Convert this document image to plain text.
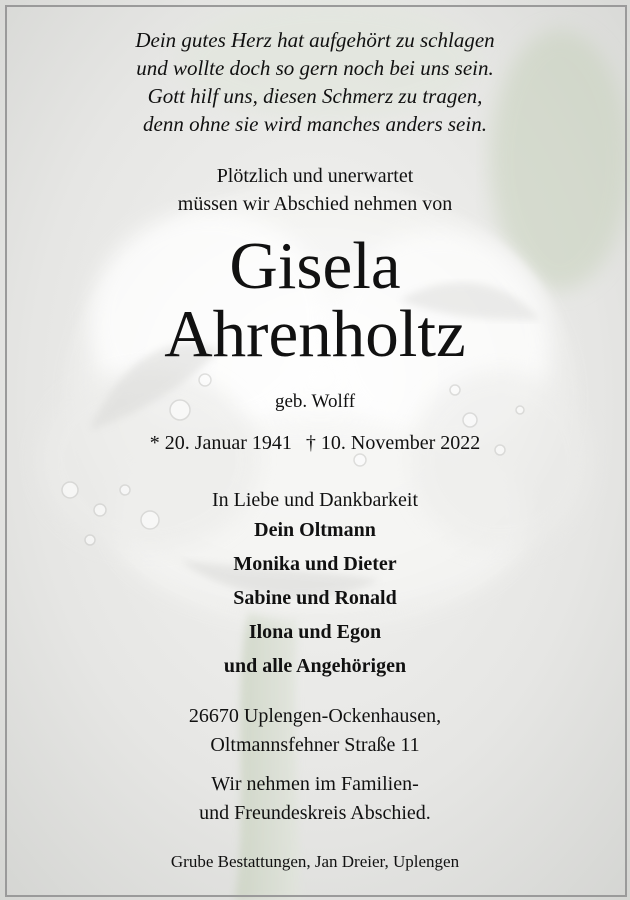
Dein gutes Herz hat aufgehört zu schlagen
und wollte doch so gern noch bei uns sein.
Gott hilf uns, diesen Schmerz zu tragen,
denn ohne sie wird manches anders sein.
Plötzlich und unerwartet
müssen wir Abschied nehmen von
Gisela
Ahrenholtz
geb. Wolff
* 20. Januar 1941 † 10. November 2022
In Liebe und Dankbarkeit
Dein Oltmann
Monika und Dieter
Sabine und Ronald
Ilona und Egon
und alle Angehörigen
26670 Uplengen-Ockenhausen,
Oltmannsfehner Straße 11
Wir nehmen im Familien-
und Freundeskreis Abschied.
Grube Bestattungen, Jan Dreier, Uplengen
